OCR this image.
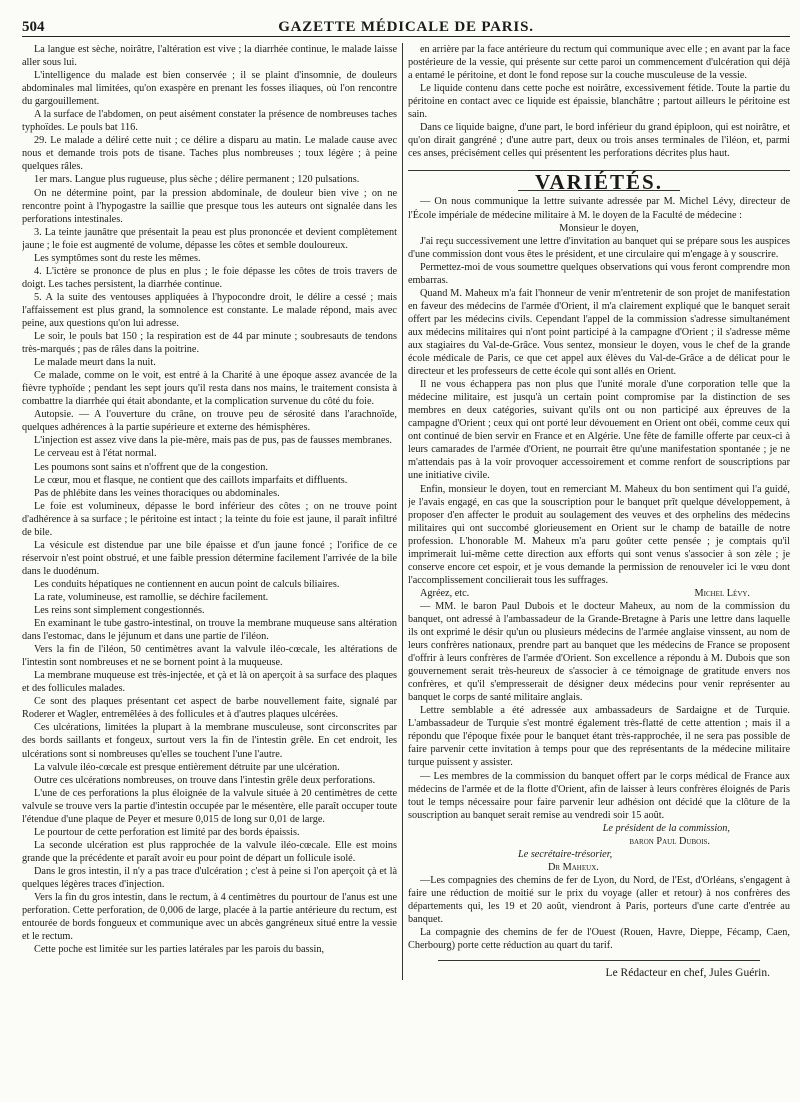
504	GAZETTE MÉDICALE DE PARIS.

La langue est sèche, noirâtre, l'altération est vive ; la diarrhée continue, le malade laisse aller sous lui.

L'intelligence du malade est bien conservée ; il se plaint d'insomnie, de douleurs abdominales mal limitées, qu'on exaspère en prenant les fosses iliaques, où l'on rencontre du gargouillement.

A la surface de l'abdomen, on peut aisément constater la présence de nombreuses taches typhoïdes. Le pouls bat 116.

29. Le malade a déliré cette nuit ; ce délire a disparu au matin. Le malade cause avec nous et demande trois pots de tisane. Taches plus nombreuses ; toux légère ; à peine quelques râles.

1er mars. Langue plus rugueuse, plus sèche ; délire permanent ; 120 pulsations.

On ne détermine point, par la pression abdominale, de douleur bien vive ; on ne rencontre point à l'hypogastre la saillie que presque tous les auteurs ont signalée dans les perforations intestinales.

3. La teinte jaunâtre que présentait la peau est plus prononcée et devient complètement jaune ; le foie est augmenté de volume, dépasse les côtes et semble douloureux.

Les symptômes sont du reste les mêmes.

4. L'ictère se prononce de plus en plus ; le foie dépasse les côtes de trois travers de doigt. Les taches persistent, la diarrhée continue.

5. A la suite des ventouses appliquées à l'hypocondre droit, le délire a cessé ; mais l'affaissement est plus grand, la somnolence est constante. Le malade répond, mais avec peine, aux questions qu'on lui adresse.

Le soir, le pouls bat 150 ; la respiration est de 44 par minute ; soubresauts de tendons très-marqués ; pas de râles dans la poitrine.

Le malade meurt dans la nuit.

Ce malade, comme on le voit, est entré à la Charité à une époque assez avancée de la fièvre typhoïde ; pendant les sept jours qu'il resta dans nos mains, le traitement consista à combattre la diarrhée qui était abondante, et la complication survenue du côté du foie.

Autopsie. — A l'ouverture du crâne, on trouve peu de sérosité dans l'arachnoïde, quelques adhérences à la partie supérieure et externe des hémisphères.

L'injection est assez vive dans la pie-mère, mais pas de pus, pas de fausses membranes.

Le cerveau est à l'état normal.

Les poumons sont sains et n'offrent que de la congestion.

Le cœur, mou et flasque, ne contient que des caillots imparfaits et diffluents.

Pas de phlébite dans les veines thoraciques ou abdominales.

Le foie est volumineux, dépasse le bord inférieur des côtes ; on ne trouve point d'adhérence à sa surface ; le péritoine est intact ; la teinte du foie est jaune, il paraît infiltré de bile.

La vésicule est distendue par une bile épaisse et d'un jaune foncé ; l'orifice de ce réservoir n'est point obstrué, et une faible pression détermine facilement l'arrivée de la bile dans le duodénum.

Les conduits hépatiques ne contiennent en aucun point de calculs biliaires.

La rate, volumineuse, est ramollie, se déchire facilement.

Les reins sont simplement congestionnés.

En examinant le tube gastro-intestinal, on trouve la membrane muqueuse sans altération dans l'estomac, dans le jéjunum et dans une partie de l'iléon.

Vers la fin de l'iléon, 50 centimètres avant la valvule iléo-cœcale, les altérations de l'intestin sont nombreuses et ne se bornent point à la muqueuse.

La membrane muqueuse est très-injectée, et çà et là on aperçoit à sa surface des plaques et des follicules malades.

Ce sont des plaques présentant cet aspect de barbe nouvellement faite, signalé par Roderer et Wagler, entremêlées à des follicules et à d'autres plaques ulcérées.

Ces ulcérations, limitées la plupart à la membrane musculeuse, sont circonscrites par des bords saillants et fongeux, surtout vers la fin de l'intestin grêle. En cet endroit, les ulcérations sont si nombreuses qu'elles se touchent l'une l'autre.

La valvule iléo-cœcale est presque entièrement détruite par une ulcération.

Outre ces ulcérations nombreuses, on trouve dans l'intestin grêle deux perforations.

L'une de ces perforations la plus éloignée de la valvule située à 20 centimètres de cette valvule se trouve vers la partie d'intestin occupée par le mésentère, elle paraît occuper toute l'étendue d'une plaque de Peyer et mesure 0,015 de long sur 0,01 de large.

Le pourtour de cette perforation est limité par des bords épaissis.

La seconde ulcération est plus rapprochée de la valvule iléo-cœcale. Elle est moins grande que la précédente et paraît avoir eu pour point de départ un follicule isolé.

Dans le gros intestin, il n'y a pas trace d'ulcération ; c'est à peine si l'on aperçoit çà et là quelques légères traces d'injection.

Vers la fin du gros intestin, dans le rectum, à 4 centimètres du pourtour de l'anus est une perforation. Cette perforation, de 0,006 de large, placée à la partie antérieure du rectum, est entourée de bords fongueux et communique avec un abcès gangréneux situé entre la vessie et le rectum.

Cette poche est limitée sur les parties latérales par les parois du bassin,

en arrière par la face antérieure du rectum qui communique avec elle ; en avant par la face postérieure de la vessie, qui présente sur cette paroi un commencement d'ulcération qui déjà a entamé le péritoine, et dont le fond repose sur la couche musculeuse de la vessie.

Le liquide contenu dans cette poche est noirâtre, excessivement fétide. Toute la partie du péritoine en contact avec ce liquide est épaissie, blanchâtre ; partout ailleurs le péritoine est sain.

Dans ce liquide baigne, d'une part, le bord inférieur du grand épiploon, qui est noirâtre, et qu'on dirait gangréné ; d'une autre part, deux ou trois anses terminales de l'iléon, et, parmi ces anses, précisément celles qui présentent les perforations décrites plus haut.

VARIÉTÉS.

— On nous communique la lettre suivante adressée par M. Michel Lévy, directeur de l'École impériale de médecine militaire à M. le doyen de la Faculté de médecine :

Monsieur le doyen,

J'ai reçu successivement une lettre d'invitation au banquet qui se prépare sous les auspices d'une commission dont vous êtes le président, et une circulaire qui m'engage à y souscrire.

Permettez-moi de vous soumettre quelques observations qui vous feront comprendre mon embarras.

Quand M. Maheux m'a fait l'honneur de venir m'entretenir de son projet de manifestation en faveur des médecins de l'armée d'Orient, il m'a clairement expliqué que le banquet serait offert par les médecins civils. Cependant l'appel de la commission s'adresse simultanément aux médecins militaires qui n'ont point participé à la campagne d'Orient ; il s'adresse même aux stagiaires du Val-de-Grâce. Vous sentez, monsieur le doyen, vous le chef de la grande école médicale de Paris, ce que cet appel aux élèves du Val-de-Grâce a de délicat pour le directeur et les professeurs de cette école qui sont allés en Orient.

Il ne vous échappera pas non plus que l'unité morale d'une corporation telle que la médecine militaire, est jusqu'à un certain point compromise par la distinction de ses membres en deux catégories, suivant qu'ils ont ou non participé aux épreuves de la campagne d'Orient ; ceux qui ont porté leur dévouement en Orient ont obéi, comme ceux qui ont continué de bien servir en France et en Algérie. Une fête de famille offerte par ceux-ci à leurs camarades de l'armée d'Orient, ne pourrait être qu'une manifestation spontanée ; je ne m'attendais pas à la voir provoquer accessoirement et comme renfort de souscriptions par une initiative civile.

Enfin, monsieur le doyen, tout en remerciant M. Maheux du bon sentiment qui l'a guidé, je l'avais engagé, en cas que la souscription pour le banquet prît quelque développement, à proposer d'en affecter le produit au soulagement des veuves et des orphelins des médecins militaires qui ont succombé glorieusement en Orient sur le champ de bataille de notre profession. L'honorable M. Maheux m'a paru goûter cette pensée ; je comptais qu'il imprimerait lui-même cette direction aux efforts qui sont venus s'associer à son zèle ; je conserve encore cet espoir, et je vous demande la permission de renouveler ici le vœu dont l'accomplissement concilierait tous les suffrages.

Agréez, etc.	Michel Lévy.

— MM. le baron Paul Dubois et le docteur Maheux, au nom de la commission du banquet, ont adressé à l'ambassadeur de la Grande-Bretagne à Paris une lettre dans laquelle ils ont exprimé le désir qu'un ou plusieurs médecins de l'armée anglaise vinssent, au nom de leurs confrères nationaux, prendre part au banquet que les médecins de France se proposent d'offrir à leurs confrères de l'armée d'Orient. Son excellence a répondu à M. Dubois que son gouvernement serait très-heureux de s'associer à ce témoignage de gratitude envers nos confrères, et qu'il s'empresserait de désigner deux médecins pour venir représenter au banquet le corps de santé militaire anglais.

Lettre semblable a été adressée aux ambassadeurs de Sardaigne et de Turquie. L'ambassadeur de Turquie s'est montré également très-flatté de cette attention ; mais il a répondu que l'époque fixée pour le banquet étant très-rapprochée, il ne sera pas possible de faire parvenir cette invitation à temps pour que des représentants de la médecine militaire turque puissent y assister.

— Les membres de la commission du banquet offert par le corps médical de France aux médecins de l'armée et de la flotte d'Orient, afin de laisser à leurs confrères éloignés de Paris tout le temps nécessaire pour faire parvenir leur adhésion ont décidé que la clôture de la souscription au banquet serait remise au vendredi soir 15 août.

Le président de la commission,

baron Paul Dubois.

Le secrétaire-trésorier,

Dr Maheux.

—Les compagnies des chemins de fer de Lyon, du Nord, de l'Est, d'Orléans, s'engagent à faire une réduction de moitié sur le prix du voyage (aller et retour) à nos confrères des départements qui, les 19 et 20 août, viendront à Paris, porteurs d'une carte d'entrée au banquet.

La compagnie des chemins de fer de l'Ouest (Rouen, Havre, Dieppe, Fécamp, Caen, Cherbourg) porte cette réduction au quart du tarif.

Le Rédacteur en chef, Jules Guérin.
